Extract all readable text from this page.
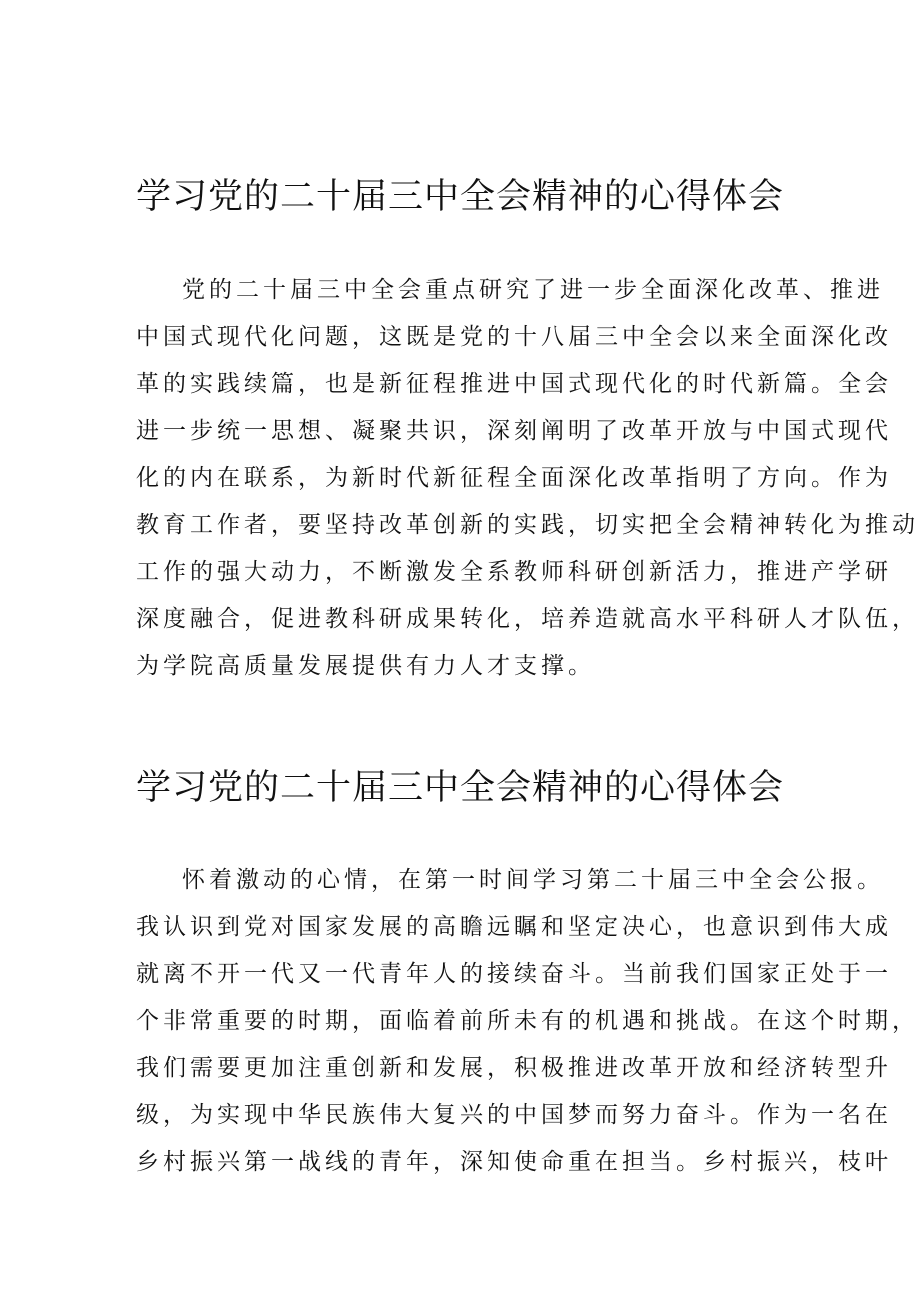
学习党的二十届三中全会精神的心得体会
党的二十届三中全会重点研究了进一步全面深化改革、推进
中国式现代化问题，这既是党的十八届三中全会以来全面深化改
革的实践续篇，也是新征程推进中国式现代化的时代新篇。全会
进一步统一思想、凝聚共识，深刻阐明了改革开放与中国式现代
化的内在联系，为新时代新征程全面深化改革指明了方向。作为
教育工作者，要坚持改革创新的实践，切实把全会精神转化为推动
工作的强大动力，不断激发全系教师科研创新活力，推进产学研
深度融合，促进教科研成果转化，培养造就高水平科研人才队伍，
为学院高质量发展提供有力人才支撑。
学习党的二十届三中全会精神的心得体会
怀着激动的心情，在第一时间学习第二十届三中全会公报。
我认识到党对国家发展的高瞻远瞩和坚定决心，也意识到伟大成
就离不开一代又一代青年人的接续奋斗。当前我们国家正处于一
个非常重要的时期，面临着前所未有的机遇和挑战。在这个时期，
我们需要更加注重创新和发展，积极推进改革开放和经济转型升
级，为实现中华民族伟大复兴的中国梦而努力奋斗。作为一名在
乡村振兴第一战线的青年，深知使命重在担当。乡村振兴，枝叶
